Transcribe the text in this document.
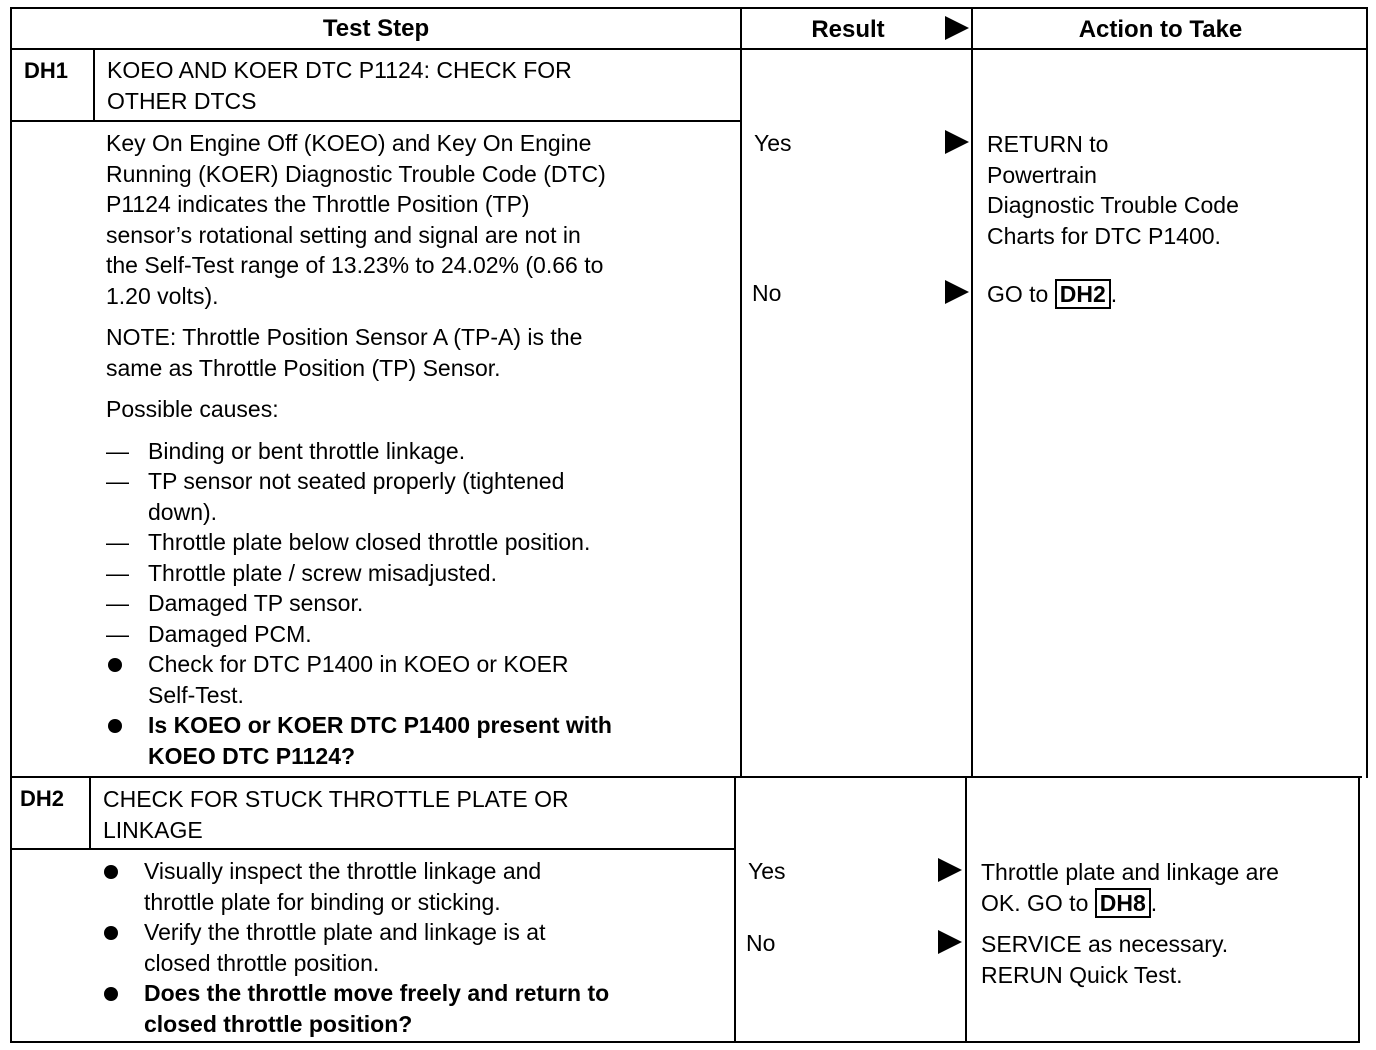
Test Step	Result	Action to Take
DH1 KOEO AND KOER DTC P1124: CHECK FOR

OTHER DTCS

Key On Engine Off (KOEO) and Key On Engine

Running (KOER) Diagnostic Trouble Code (DTC)

P1124 indicates the Throttle Position (TP)

sensor’s rotational setting and signal are not in

the Self-Test range of 13.23% to 24.02% (0.66 to

1.20 volts).

NOTE: Throttle Position Sensor A (TP-A) is the

same as Throttle Position (TP) Sensor.

Possible causes:

— Binding or bent throttle linkage.
— TP sensor not seated properly (tightened
down).
— Throttle plate below closed throttle position.
— Throttle plate / screw misadjusted.
— Damaged TP sensor.
— Damaged PCM.
Check for DTC P1400 in KOEO or KOER
Self-Test.
Is KOEO or KOER DTC P1400 present with
KOEO DTC P1124?
Yes
No

RETURN to

Powertrain

Diagnostic Trouble Code

Charts for DTC P1400.

GO to DH2 .
DH2 CHECK FOR STUCK THROTTLE PLATE OR

LINKAGE

Visually inspect the throttle linkage and
throttle plate for binding or sticking.
Verify the throttle plate and linkage is at
closed throttle position.
Does the throttle move freely and return to
closed throttle position?
Yes
No

Throttle plate and linkage are

OK. GO to DH8 .

SERVICE as necessary.

RERUN Quick Test.
